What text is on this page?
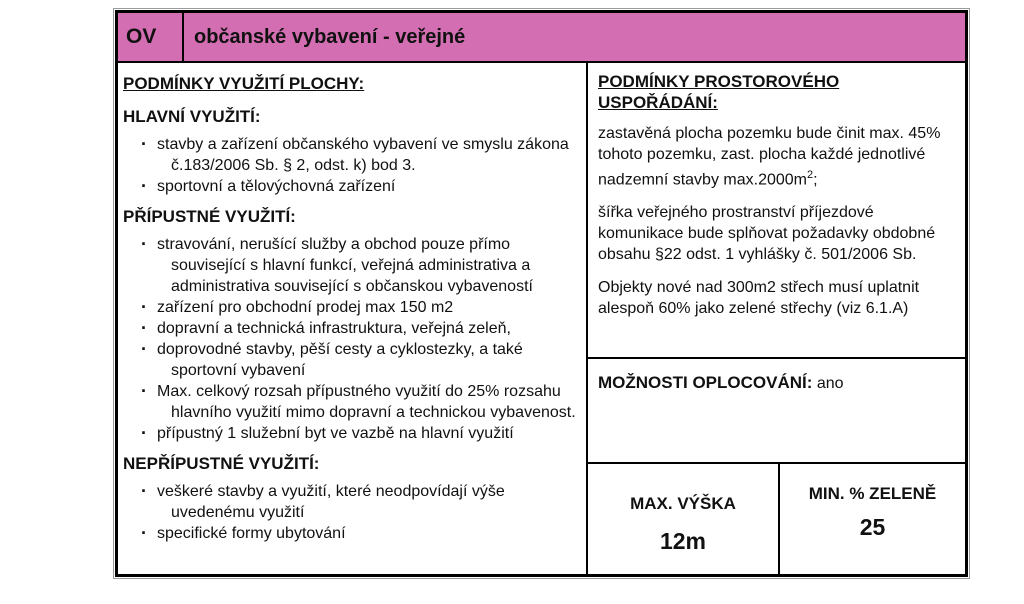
OV	občanské vybavení - veřejné
PODMÍNKY VYUŽITÍ PLOCHY:
HLAVNÍ VYUŽITÍ:
. stavby a zařízení občanského vybavení ve smyslu zákona č.183/2006 Sb. § 2, odst. k) bod 3.
. sportovní a tělovýchovná zařízení
PŘÍPUSTNÉ VYUŽITÍ:
. stravování, nerušící služby a obchod pouze přímo související s hlavní funkcí, veřejná administrativa a administrativa související s občanskou vybaveností
. zařízení pro obchodní prodej max 150 m2
. dopravní a technická infrastruktura, veřejná zeleň,
. doprovodné stavby, pěší cesty a cyklostezky, a také sportovní vybavení
. Max. celkový rozsah přípustného využití do 25% rozsahu hlavního využití mimo dopravní a technickou vybavenost.
. přípustný 1 služební byt ve vazbě na hlavní využití
NEPŘÍPUSTNÉ VYUŽITÍ:
. veškeré stavby a využití, které neodpovídají výše uvedenému využití
. specifické formy ubytování
PODMÍNKY PROSTOROVÉHO USPOŘÁDÁNÍ:
zastavěná plocha pozemku bude činit max. 45% tohoto pozemku, zast. plocha každé jednotlivé nadzemní stavby $\max.2000m^2$;
šířka veřejného prostranství příjezdové komunikace bude splňovat požadavky obdobné obsahu §22 odst. 1 vyhlášky č. 501/2006 Sb.
Objekty nové nad 300m2 střech musí uplatnit alespoň 60% jako zelené střechy (viz 6.1.A)
MOŽNOSTI OPLOCOVÁNÍ: ano
MAX. VÝŠKA
12m
MIN. % ZELENĚ
25
